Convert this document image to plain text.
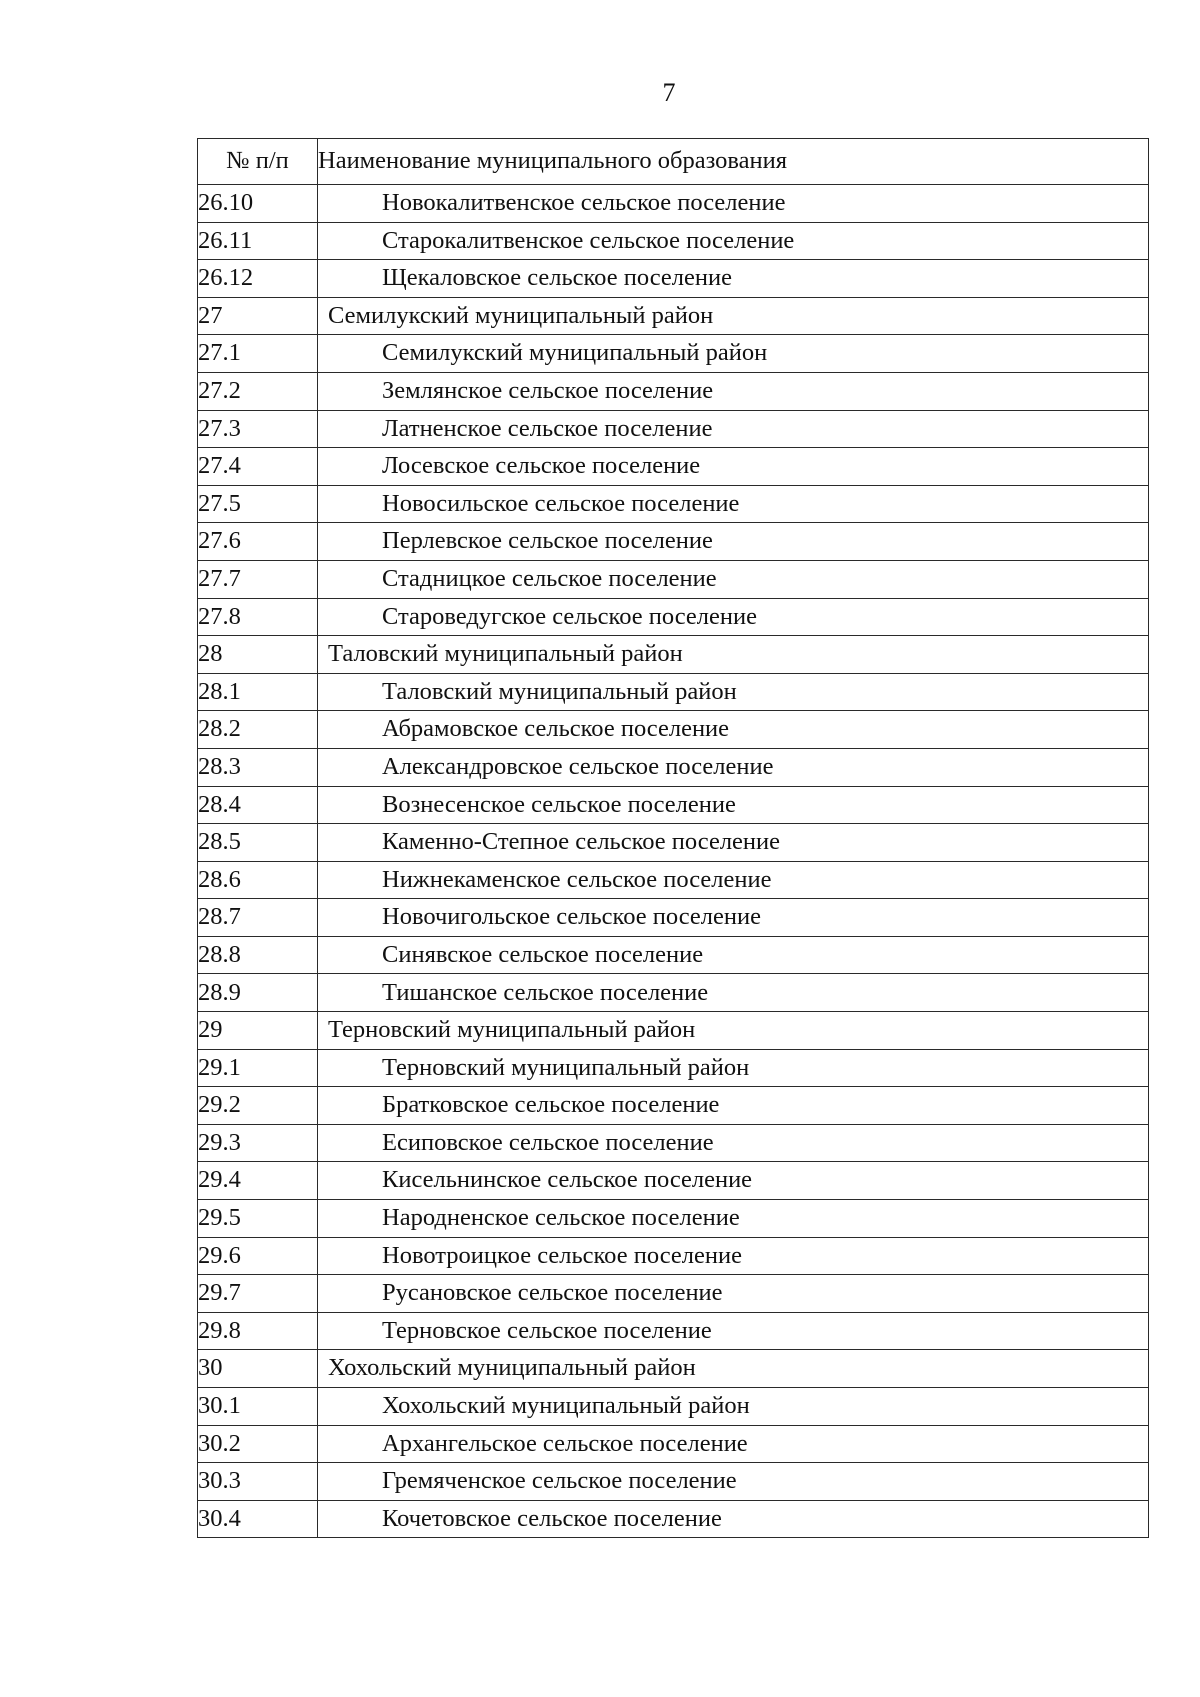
7
№ п/п	Наименование муниципального образования
26.10	Новокалитвенское сельское поселение
26.11	Старокалитвенское сельское поселение
26.12	Щекаловское сельское поселение
27	Семилукский муниципальный район
27.1	Семилукский муниципальный район
27.2	Землянское сельское поселение
27.3	Латненское сельское поселение
27.4	Лосевское сельское поселение
27.5	Новосильское сельское поселение
27.6	Перлевское сельское поселение
27.7	Стадницкое сельское поселение
27.8	Староведугское сельское поселение
28	Таловский муниципальный район
28.1	Таловский муниципальный район
28.2	Абрамовское сельское поселение
28.3	Александровское сельское поселение
28.4	Вознесенское сельское поселение
28.5	Каменно-Степное сельское поселение
28.6	Нижнекаменское сельское поселение
28.7	Новочигольское сельское поселение
28.8	Синявское сельское поселение
28.9	Тишанское сельское поселение
29	Терновский муниципальный район
29.1	Терновский муниципальный район
29.2	Братковское сельское поселение
29.3	Есиповское сельское поселение
29.4	Кисельнинское сельское поселение
29.5	Народненское сельское поселение
29.6	Новотроицкое сельское поселение
29.7	Русановское сельское поселение
29.8	Терновское сельское поселение
30	Хохольский муниципальный район
30.1	Хохольский муниципальный район
30.2	Архангельское сельское поселение
30.3	Гремяченское сельское поселение
30.4	Кочетовское сельское поселение
